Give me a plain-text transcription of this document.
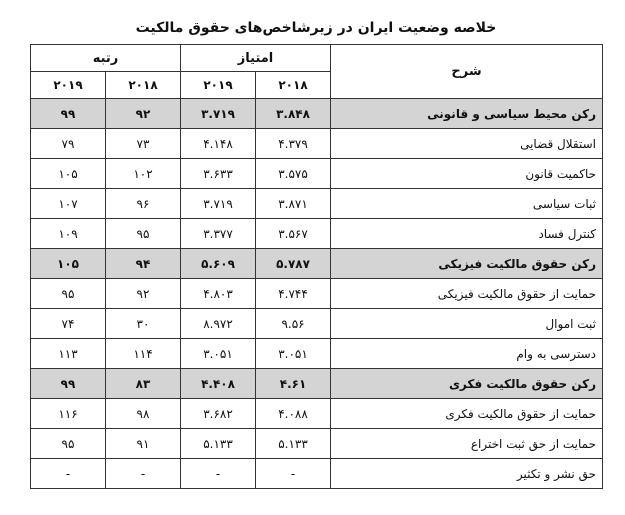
خلاصه وضعیت ایران در زیرشاخص‌های حقوق مالکیت
شرح	امتیاز		رتبه	
	۲۰۱۸	۲۰۱۹	۲۰۱۸	۲۰۱۹
رکن محیط سیاسی و قانونی	۳.۸۴۸	۳.۷۱۹	۹۲	۹۹
استقلال قضایی	۴.۳۷۹	۴.۱۴۸	۷۳	۷۹
حاکمیت قانون	۳.۵۷۵	۳.۶۳۳	۱۰۲	۱۰۵
ثبات سیاسی	۳.۸۷۱	۳.۷۱۹	۹۶	۱۰۷
کنترل فساد	۳.۵۶۷	۳.۳۷۷	۹۵	۱۰۹
رکن حقوق مالکیت فیزیکی	۵.۷۸۷	۵.۶۰۹	۹۴	۱۰۵
حمایت از حقوق مالکیت فیزیکی	۴.۷۴۴	۴.۸۰۳	۹۲	۹۵
ثبت اموال	۹.۵۶	۸.۹۷۲	۳۰	۷۴
دسترسی به وام	۳.۰۵۱	۳.۰۵۱	۱۱۴	۱۱۳
رکن حقوق مالکیت فکری	۴.۶۱	۴.۴۰۸	۸۳	۹۹
حمایت از حقوق مالکیت فکری	۴.۰۸۸	۳.۶۸۲	۹۸	۱۱۶
حمایت از حق ثبت اختراع	۵.۱۳۳	۵.۱۳۳	۹۱	۹۵
حق نشر و تکثیر	-	-	-	-
